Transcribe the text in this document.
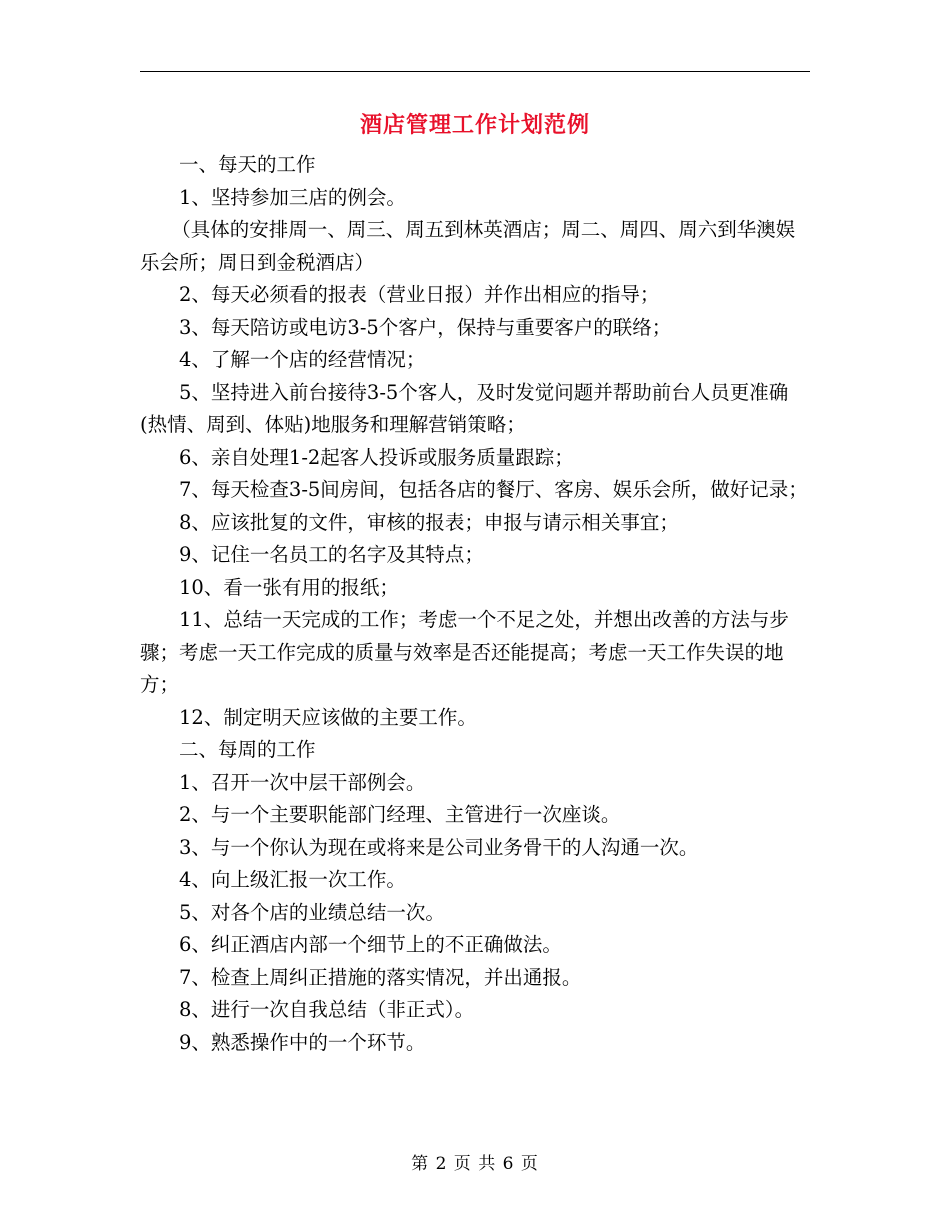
酒店管理工作计划范例

一、每天的工作

1、坚持参加三店的例会。

（具体的安排周一、周三、周五到林英酒店；周二、周四、周六到华澳娱乐会所；周日到金税酒店）

2、每天必须看的报表（营业日报）并作出相应的指导；

3、每天陪访或电访3-5个客户，保持与重要客户的联络；

4、了解一个店的经营情况；

5、坚持进入前台接待3-5个客人，及时发觉问题并帮助前台人员更准确(热情、周到、体贴)地服务和理解营销策略；

6、亲自处理1-2起客人投诉或服务质量跟踪；

7、每天检查3-5间房间，包括各店的餐厅、客房、娱乐会所，做好记录；

8、应该批复的文件，审核的报表；申报与请示相关事宜；

9、记住一名员工的名字及其特点；

10、看一张有用的报纸；

11、总结一天完成的工作；考虑一个不足之处，并想出改善的方法与步骤；考虑一天工作完成的质量与效率是否还能提高；考虑一天工作失误的地方；

12、制定明天应该做的主要工作。

二、每周的工作

1、召开一次中层干部例会。

2、与一个主要职能部门经理、主管进行一次座谈。

3、与一个你认为现在或将来是公司业务骨干的人沟通一次。

4、向上级汇报一次工作。

5、对各个店的业绩总结一次。

6、纠正酒店内部一个细节上的不正确做法。

7、检查上周纠正措施的落实情况，并出通报。

8、进行一次自我总结（非正式）。

9、熟悉操作中的一个环节。

第 2 页 共 6 页
